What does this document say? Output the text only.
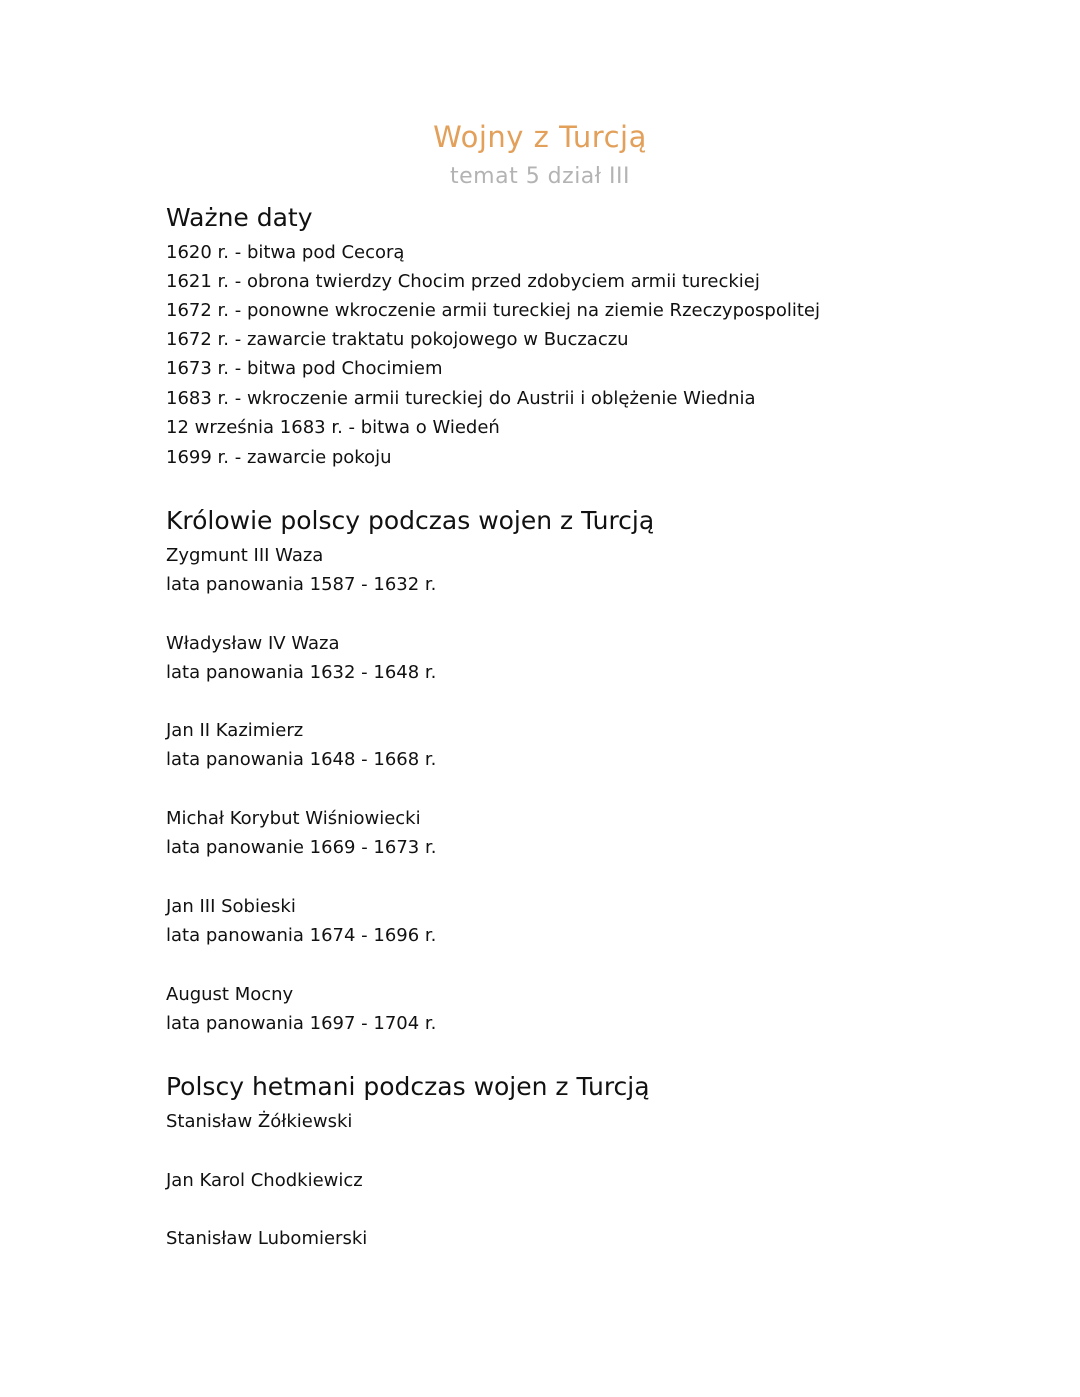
Wojny z Turcją
temat 5 dział III
Ważne daty
1620 r. - bitwa pod Cecorą
1621 r. - obrona twierdzy Chocim przed zdobyciem armii tureckiej
1672 r. - ponowne wkroczenie armii tureckiej na ziemie Rzeczypospolitej
1672 r. - zawarcie traktatu pokojowego w Buczaczu
1673 r. - bitwa pod Chocimiem
1683 r. - wkroczenie armii tureckiej do Austrii i oblężenie Wiednia
12 września 1683 r. - bitwa o Wiedeń
1699 r. - zawarcie pokoju
Królowie polscy podczas wojen z Turcją
Zygmunt III Waza
lata panowania 1587 - 1632 r.
Władysław IV Waza
lata panowania 1632 - 1648 r.
Jan II Kazimierz
lata panowania 1648 - 1668 r.
Michał Korybut Wiśniowiecki
lata panowanie 1669 - 1673 r.
Jan III Sobieski
lata panowania 1674 - 1696 r.
August Mocny
lata panowania 1697 - 1704 r.
Polscy hetmani podczas wojen z Turcją
Stanisław Żółkiewski
Jan Karol Chodkiewicz
Stanisław Lubomierski
